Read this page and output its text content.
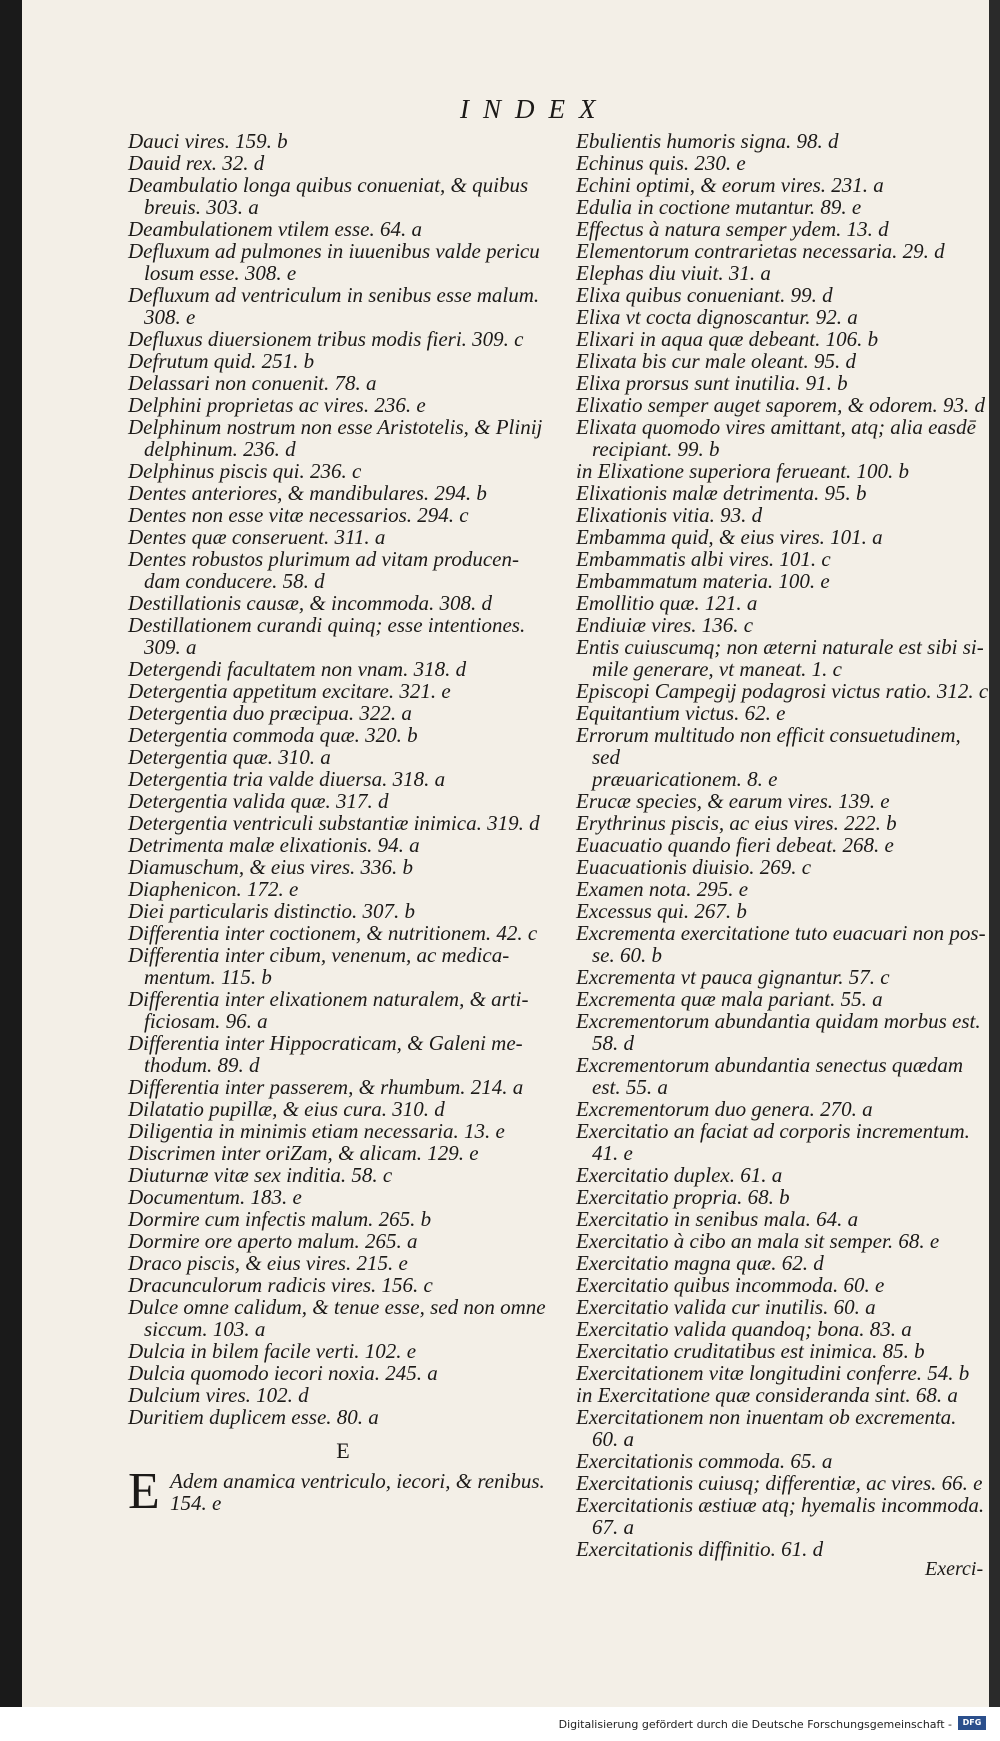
INDEX

Dauci vires. 159. b

Dauid rex. 32. d

Deambulatio longa quibus conueniat, & quibus
breuis. 303. a

Deambulationem vtilem esse. 64. a

Defluxum ad pulmones in iuuenibus valde pericu
losum esse. 308. e

Defluxum ad ventriculum in senibus esse malum.
308. e

Defluxus diuersionem tribus modis fieri. 309. c

Defrutum quid. 251. b

Delassari non conuenit. 78. a

Delphini proprietas ac vires. 236. e

Delphinum nostrum non esse Aristotelis, & Plinij
delphinum. 236. d

Delphinus piscis qui. 236. c

Dentes anteriores, & mandibulares. 294. b

Dentes non esse vitæ necessarios. 294. c

Dentes quæ conseruent. 311. a

Dentes robustos plurimum ad vitam producen-
dam conducere. 58. d

Destillationis causæ, & incommoda. 308. d

Destillationem curandi quinq; esse intentiones.
309. a

Detergendi facultatem non vnam. 318. d

Detergentia appetitum excitare. 321. e

Detergentia duo præcipua. 322. a

Detergentia commoda quæ. 320. b

Detergentia quæ. 310. a

Detergentia tria valde diuersa. 318. a

Detergentia valida quæ. 317. d

Detergentia ventriculi substantiæ inimica. 319. d

Detrimenta malæ elixationis. 94. a

Diamuschum, & eius vires. 336. b

Diaphenicon. 172. e

Diei particularis distinctio. 307. b

Differentia inter coctionem, & nutritionem. 42. c

Differentia inter cibum, venenum, ac medica-
mentum. 115. b

Differentia inter elixationem naturalem, & arti-
ficiosam. 96. a

Differentia inter Hippocraticam, & Galeni me-
thodum. 89. d

Differentia inter passerem, & rhumbum. 214. a

Dilatatio pupillæ, & eius cura. 310. d

Diligentia in minimis etiam necessaria. 13. e

Discrimen inter oriZam, & alicam. 129. e

Diuturnæ vitæ sex inditia. 58. c

Documentum. 183. e

Dormire cum infectis malum. 265. b

Dormire ore aperto malum. 265. a

Draco piscis, & eius vires. 215. e

Dracunculorum radicis vires. 156. c

Dulce omne calidum, & tenue esse, sed non omne
siccum. 103. a

Dulcia in bilem facile verti. 102. e

Dulcia quomodo iecori noxia. 245. a

Dulcium vires. 102. d

Duritiem duplicem esse. 80. a

E
E Adem anamica ventriculo, iecori, & renibus.
154. e

Ebulientis humoris signa. 98. d

Echinus quis. 230. e

Echini optimi, & eorum vires. 231. a

Edulia in coctione mutantur. 89. e

Effectus à natura semper ydem. 13. d

Elementorum contrarietas necessaria. 29. d

Elephas diu viuit. 31. a

Elixa quibus conueniant. 99. d

Elixa vt cocta dignoscantur. 92. a

Elixari in aqua quæ debeant. 106. b

Elixata bis cur male oleant. 95. d

Elixa prorsus sunt inutilia. 91. b

Elixatio semper auget saporem, & odorem. 93. d

Elixata quomodo vires amittant, atq; alia easdē
recipiant. 99. b

in Elixatione superiora ferueant. 100. b

Elixationis malæ detrimenta. 95. b

Elixationis vitia. 93. d

Embamma quid, & eius vires. 101. a

Embammatis albi vires. 101. c

Embammatum materia. 100. e

Emollitio quæ. 121. a

Endiuiæ vires. 136. c

Entis cuiuscumq; non æterni naturale est sibi si-
mile generare, vt maneat. 1. c

Episcopi Campegij podagrosi victus ratio. 312. c

Equitantium victus. 62. e

Errorum multitudo non efficit consuetudinem, sed
præuaricationem. 8. e

Erucæ species, & earum vires. 139. e

Erythrinus piscis, ac eius vires. 222. b

Euacuatio quando fieri debeat. 268. e

Euacuationis diuisio. 269. c

Examen nota. 295. e

Excessus qui. 267. b

Excrementa exercitatione tuto euacuari non pos-
se. 60. b

Excrementa vt pauca gignantur. 57. c

Excrementa quæ mala pariant. 55. a

Excrementorum abundantia quidam morbus est.
58. d

Excrementorum abundantia senectus quædam
est. 55. a

Excrementorum duo genera. 270. a

Exercitatio an faciat ad corporis incrementum.
41. e

Exercitatio duplex. 61. a

Exercitatio propria. 68. b

Exercitatio in senibus mala. 64. a

Exercitatio à cibo an mala sit semper. 68. e

Exercitatio magna quæ. 62. d

Exercitatio quibus incommoda. 60. e

Exercitatio valida cur inutilis. 60. a

Exercitatio valida quandoq; bona. 83. a

Exercitatio cruditatibus est inimica. 85. b

Exercitationem vitæ longitudini conferre. 54. b

in Exercitatione quæ consideranda sint. 68. a

Exercitationem non inuentam ob excrementa.
60. a

Exercitationis commoda. 65. a

Exercitationis cuiusq; differentiæ, ac vires. 66. e

Exercitationis æstiuæ atq; hyemalis incommoda.
67. a

Exercitationis diffinitio. 61. d

Exerci-
Digitalisierung gefördert durch die Deutsche Forschungsgemeinschaft -	DFG
